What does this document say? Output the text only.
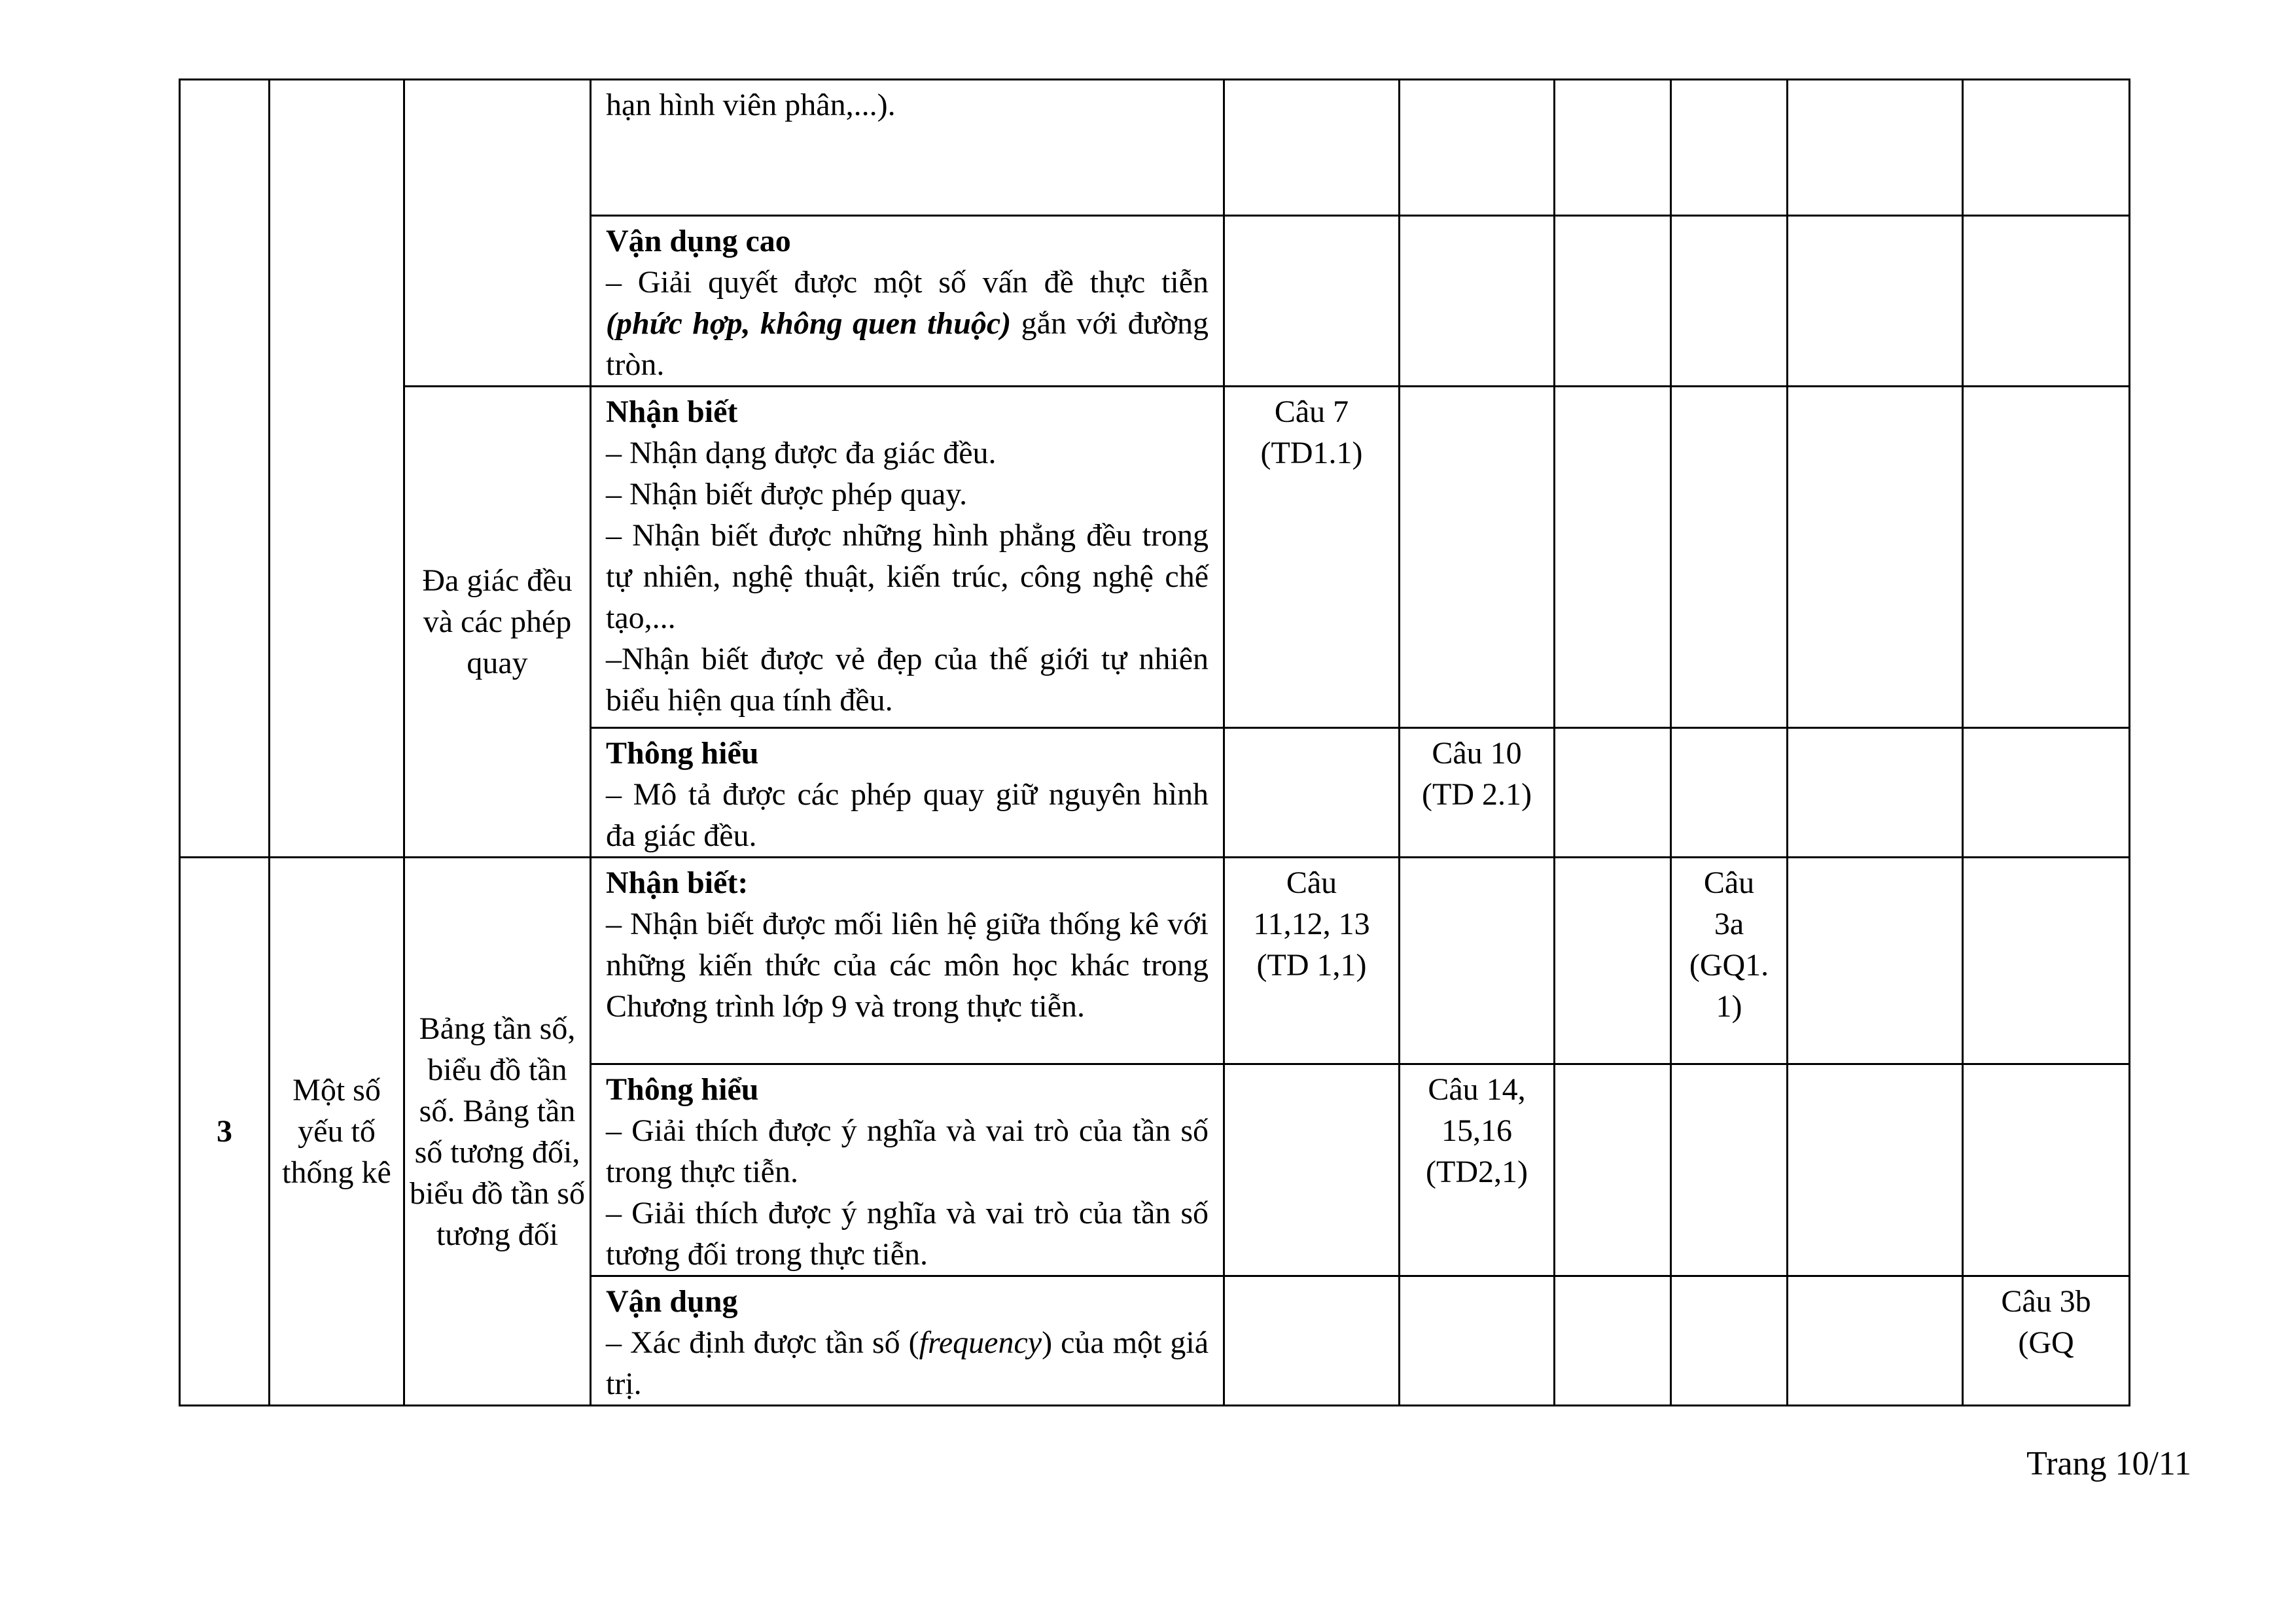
			hạn hình viên phân,...).						

			Vận dụng cao
– Giải quyết được một số vấn đề thực tiễn (phức hợp, không quen thuộc) gắn với đường tròn.						

		Đa giác đều và các phép quay	Nhận biết
– Nhận dạng được đa giác đều.
– Nhận biết được phép quay.
– Nhận biết được những hình phẳng đều trong tự nhiên, nghệ thuật, kiến trúc, công nghệ chế tạo,...
–Nhận biết được vẻ đẹp của thế giới tự nhiên biểu hiện qua tính đều.	Câu 7
(TD1.1)					

			Thông hiểu
– Mô tả được các phép quay giữ nguyên hình đa giác đều.		Câu 10
(TD 2.1)				

3	Một số yếu tố thống kê	Bảng tần số, biểu đồ tần số. Bảng tần số tương đối, biểu đồ tần số tương đối	Nhận biết:
– Nhận biết được mối liên hệ giữa thống kê với những kiến thức của các môn học khác trong Chương trình lớp 9 và trong thực tiễn.	Câu
11,12, 13
(TD 1,1)			Câu
3a
(GQ1.
1)		

			Thông hiểu
– Giải thích được ý nghĩa và vai trò của tần số trong thực tiễn.
– Giải thích được ý nghĩa và vai trò của tần số tương đối trong thực tiễn.		Câu 14,
15,16
(TD2,1)				

			Vận dụng
– Xác định được tần số (frequency) của một giá trị.						Câu 3b
(GQ
Trang 10/11
